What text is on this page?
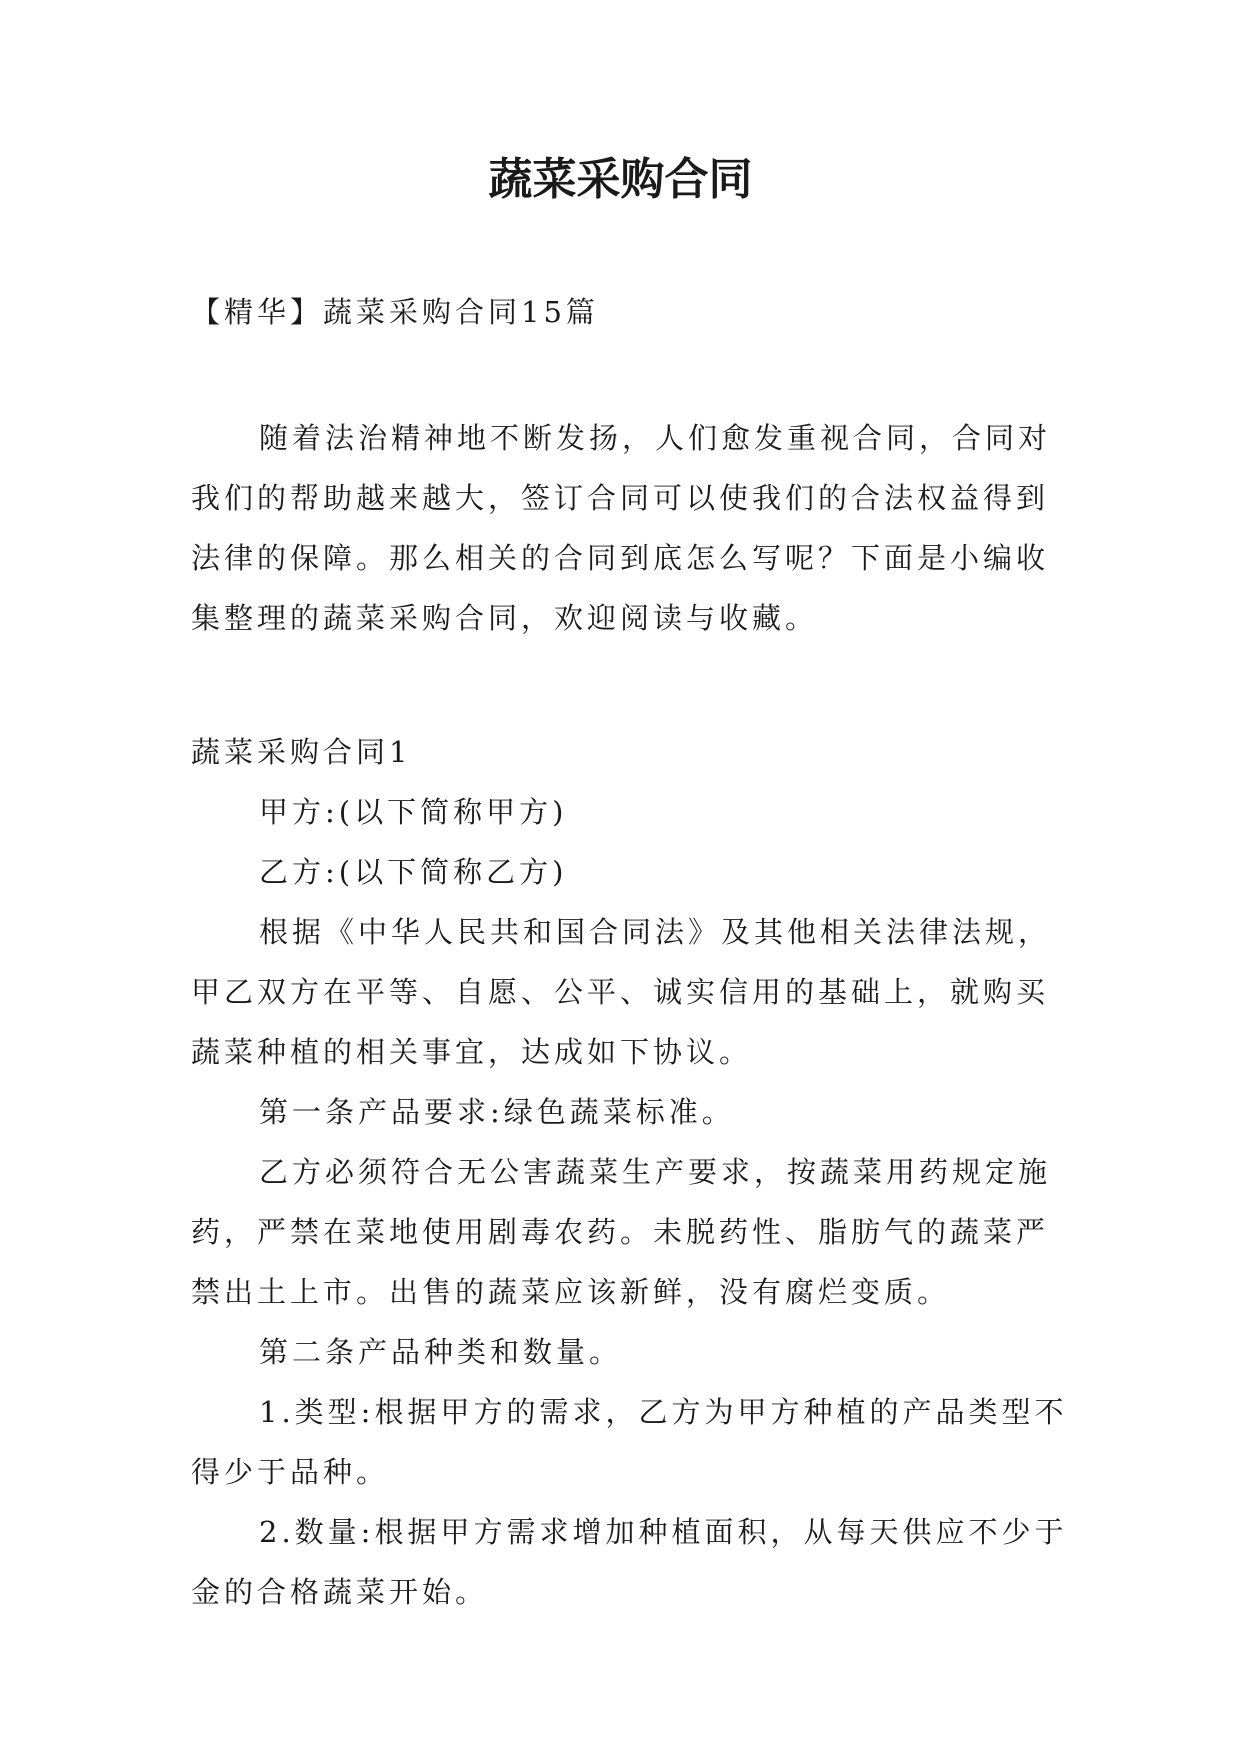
蔬菜采购合同

【精华】蔬菜采购合同15篇

随着法治精神地不断发扬，人们愈发重视合同，合同对我们的帮助越来越大，签订合同可以使我们的合法权益得到法律的保障。那么相关的合同到底怎么写呢？下面是小编收集整理的蔬菜采购合同，欢迎阅读与收藏。

蔬菜采购合同1

甲方:(以下简称甲方)

乙方:(以下简称乙方)

根据《中华人民共和国合同法》及其他相关法律法规，甲乙双方在平等、自愿、公平、诚实信用的基础上，就购买蔬菜种植的相关事宜，达成如下协议。

第一条产品要求:绿色蔬菜标准。

乙方必须符合无公害蔬菜生产要求，按蔬菜用药规定施药，严禁在菜地使用剧毒农药。未脱药性、脂肪气的蔬菜严禁出土上市。出售的蔬菜应该新鲜，没有腐烂变质。

第二条产品种类和数量。

1.类型:根据甲方的需求，乙方为甲方种植的产品类型不得少于品种。

2.数量:根据甲方需求增加种植面积，从每天供应不少于金的合格蔬菜开始。
